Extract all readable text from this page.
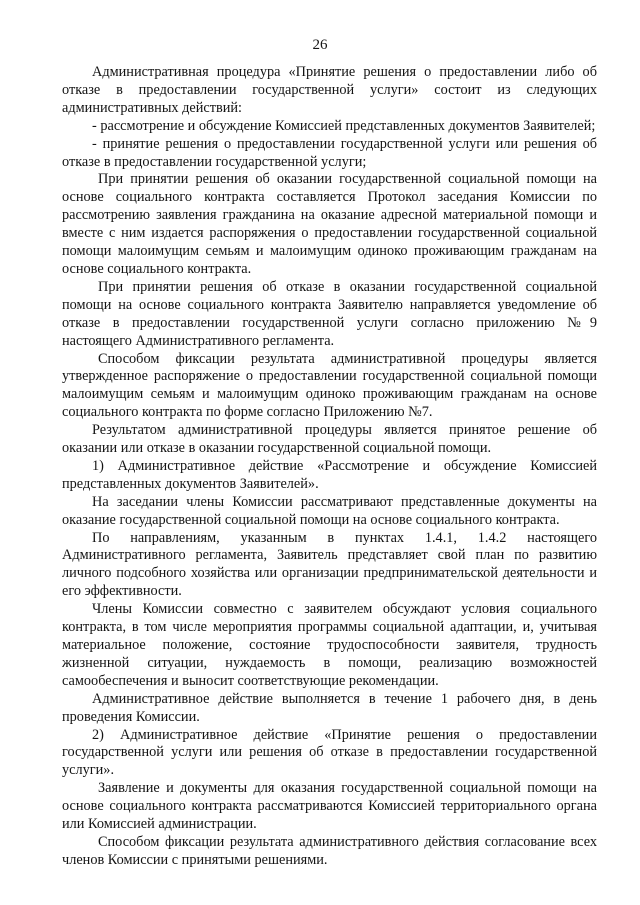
26

Административная процедура «Принятие решения о предоставлении либо об отказе в предоставлении государственной услуги» состоит из следующих административных действий:

- рассмотрение и обсуждение Комиссией представленных документов Заявителей;

- принятие решения о предоставлении государственной услуги или решения об отказе в предоставлении государственной услуги;

При принятии решения об оказании государственной социальной помощи на основе социального контракта составляется Протокол заседания Комиссии по рассмотрению заявления гражданина на оказание адресной материальной помощи и вместе с ним издается распоряжения о предоставлении государственной социальной помощи малоимущим семьям и малоимущим одиноко проживающим гражданам на основе социального контракта.

При принятии решения об отказе в оказании государственной социальной помощи на основе социального контракта Заявителю направляется уведомление об отказе в предоставлении государственной услуги согласно приложению №9 настоящего Административного регламента.

Способом фиксации результата административной процедуры является утвержденное распоряжение о предоставлении государственной социальной помощи малоимущим семьям и малоимущим одиноко проживающим гражданам на основе социального контракта по форме согласно Приложению №7.

Результатом административной процедуры является принятое решение об оказании или отказе в оказании государственной социальной помощи.

1) Административное действие «Рассмотрение и обсуждение Комиссией представленных документов Заявителей».

На заседании члены Комиссии рассматривают представленные документы на оказание государственной социальной помощи на основе социального контракта.

По направлениям, указанным в пунктах 1.4.1, 1.4.2 настоящего Административного регламента, Заявитель представляет свой план по развитию личного подсобного хозяйства или организации предпринимательской деятельности и его эффективности.

Члены Комиссии совместно с заявителем обсуждают условия социального контракта, в том числе мероприятия программы социальной адаптации, и, учитывая материальное положение, состояние трудоспособности заявителя, трудность жизненной ситуации, нуждаемость в помощи, реализацию возможностей самообеспечения и выносит соответствующие рекомендации.

Административное действие выполняется в течение 1 рабочего дня, в день проведения Комиссии.

2) Административное действие «Принятие решения о предоставлении государственной услуги или решения об отказе в предоставлении государственной услуги».

Заявление и документы для оказания государственной социальной помощи на основе социального контракта рассматриваются Комиссией территориального органа или Комиссией администрации.

Способом фиксации результата административного действия согласование всех членов Комиссии с принятыми решениями.
